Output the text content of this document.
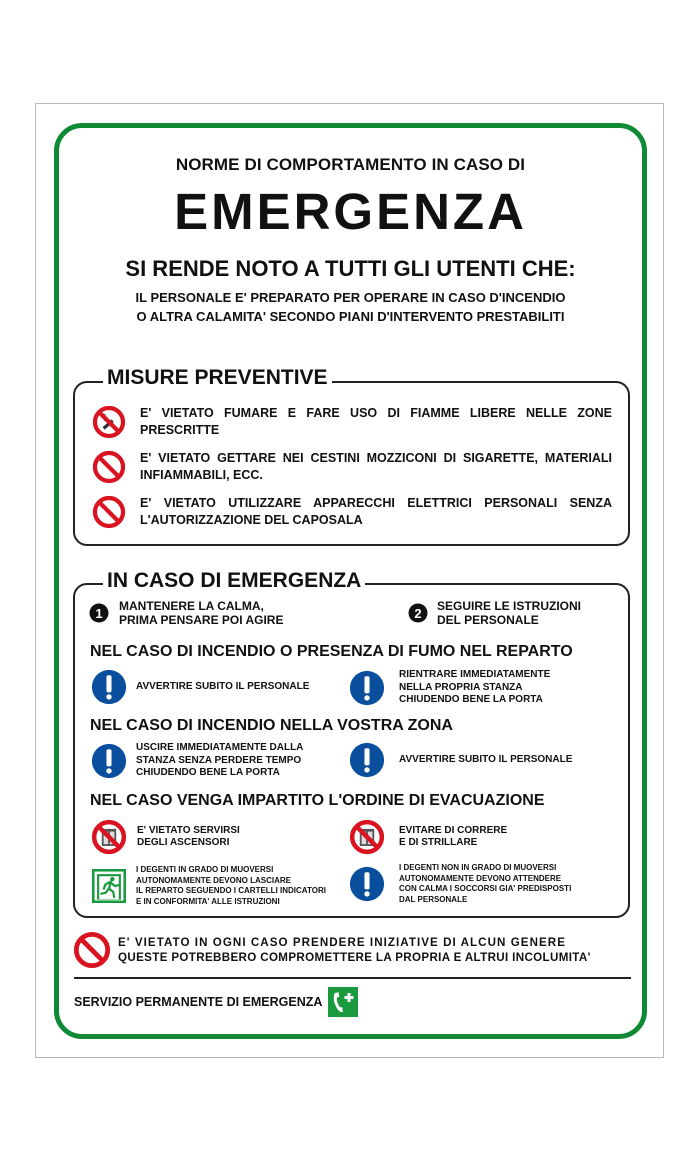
NORME DI COMPORTAMENTO IN CASO DI
EMERGENZA
SI RENDE NOTO A TUTTI GLI UTENTI CHE:
IL PERSONALE E' PREPARATO PER OPERARE IN CASO D'INCENDIO
O ALTRA CALAMITA' SECONDO PIANI D'INTERVENTO PRESTABILITI
MISURE PREVENTIVE
E' VIETATO FUMARE E FARE USO DI FIAMME LIBERE NELLE ZONE PRESCRITTE
E' VIETATO GETTARE NEI CESTINI MOZZICONI DI SIGARETTE, MATERIALI INFIAMMABILI, ECC.
E' VIETATO UTILIZZARE APPARECCHI ELETTRICI PERSONALI SENZA L'AUTORIZZAZIONE DEL CAPOSALA
IN CASO DI EMERGENZA
1 MANTENERE LA CALMA,
PRIMA PENSARE POI AGIRE	2 SEGUIRE LE ISTRUZIONI
DEL PERSONALE
NEL CASO DI INCENDIO O PRESENZA DI FUMO NEL REPARTO
AVVERTIRE SUBITO IL PERSONALE
RIENTRARE IMMEDIATAMENTE
NELLA PROPRIA STANZA
CHIUDENDO BENE LA PORTA
NEL CASO DI INCENDIO NELLA VOSTRA ZONA
USCIRE IMMEDIATAMENTE DALLA
STANZA SENZA PERDERE TEMPO
CHIUDENDO BENE LA PORTA
AVVERTIRE SUBITO IL PERSONALE
NEL CASO VENGA IMPARTITO L'ORDINE DI EVACUAZIONE
E' VIETATO SERVIRSI
DEGLI ASCENSORI
EVITARE DI CORRERE
E DI STRILLARE
I DEGENTI IN GRADO DI MUOVERSI
AUTONOMAMENTE DEVONO LASCIARE
IL REPARTO SEGUENDO I CARTELLI INDICATORI
E IN CONFORMITA' ALLE ISTRUZIONI
I DEGENTI NON IN GRADO DI MUOVERSI
AUTONOMAMENTE DEVONO ATTENDERE
CON CALMA I SOCCORSI GIA' PREDISPOSTI
DAL PERSONALE
E' VIETATO IN OGNI CASO PRENDERE INIZIATIVE DI ALCUN GENERE
QUESTE POTREBBERO COMPROMETTERE LA PROPRIA E ALTRUI INCOLUMITA'
SERVIZIO PERMANENTE DI EMERGENZA
